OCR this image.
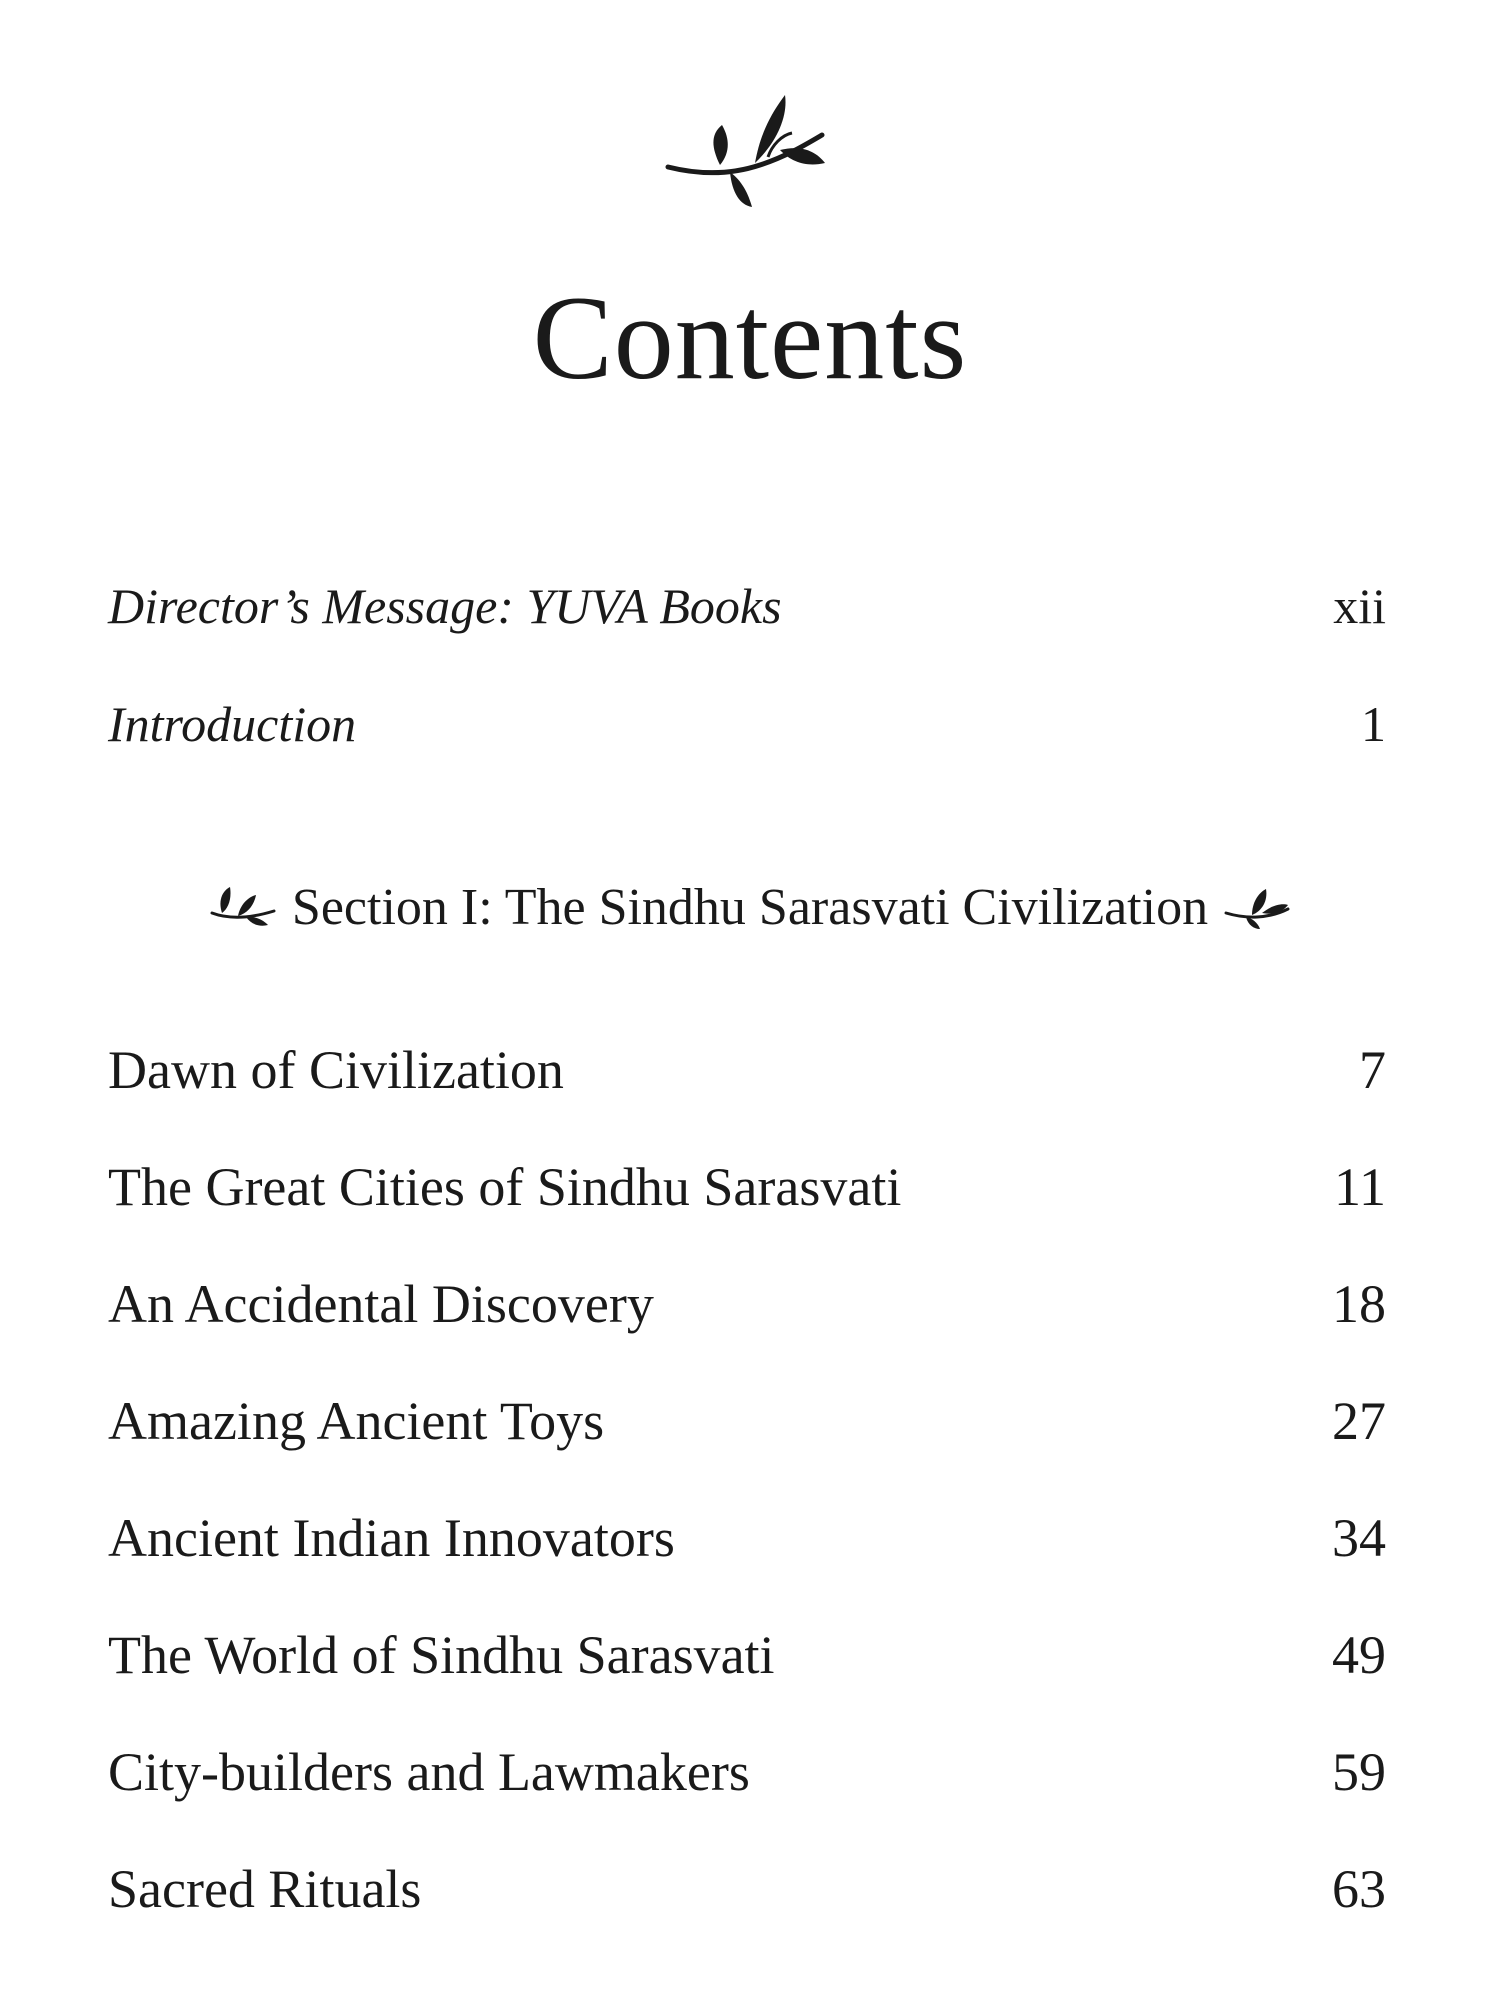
Contents
Director’s Message: YUVA Books	xii
Introduction	1
Section I: The Sindhu Sarasvati Civilization
Dawn of Civilization	7
The Great Cities of Sindhu Sarasvati	11
An Accidental Discovery	18
Amazing Ancient Toys	27
Ancient Indian Innovators	34
The World of Sindhu Sarasvati	49
City-builders and Lawmakers	59
Sacred Rituals	63
